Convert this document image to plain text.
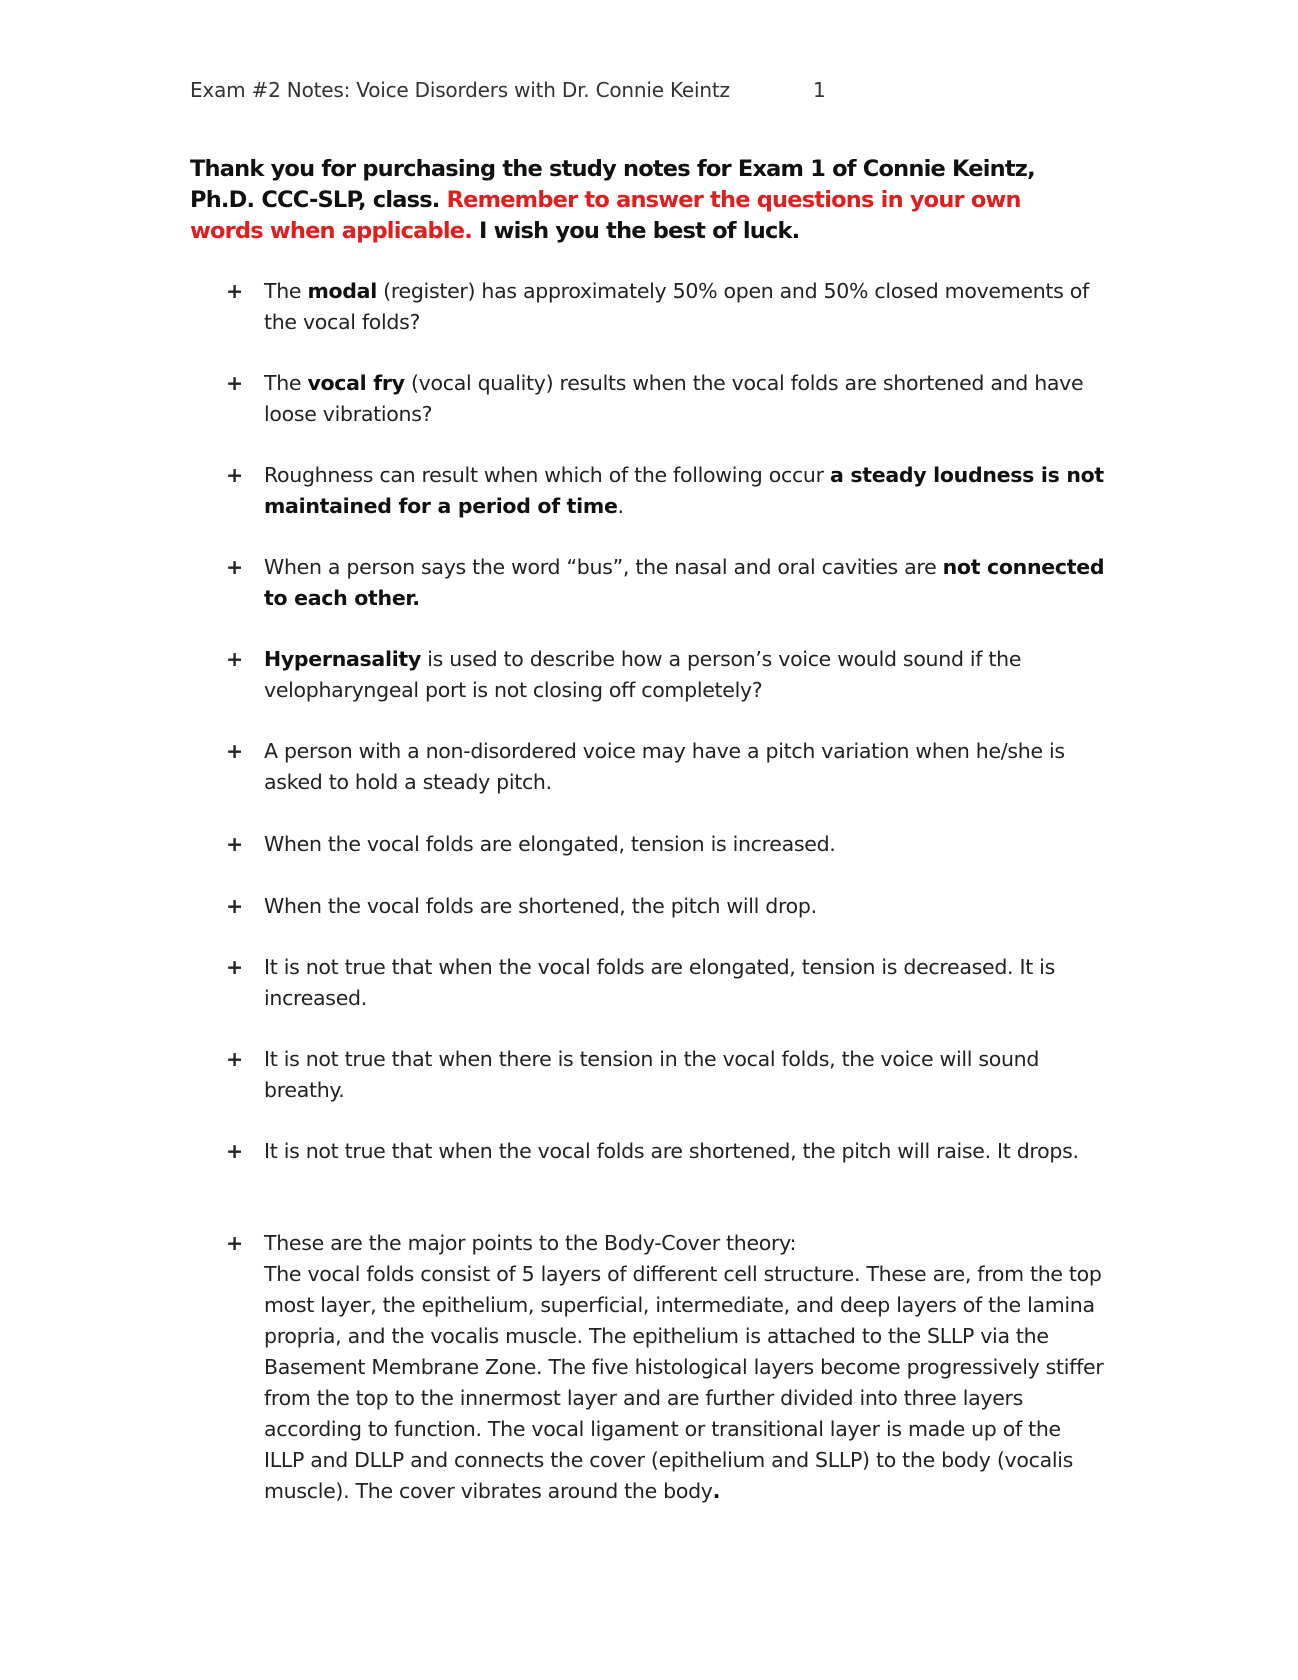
Exam #2 Notes: Voice Disorders with Dr. Connie Keintz	1
Thank you for purchasing the study notes for Exam 1 of Connie Keintz, Ph.D. CCC-SLP, class. Remember to answer the questions in your own words when applicable. I wish you the best of luck.
+ The modal (register) has approximately 50% open and 50% closed movements of the vocal folds?
+ The vocal fry (vocal quality) results when the vocal folds are shortened and have loose vibrations?
+ Roughness can result when which of the following occur a steady loudness is not maintained for a period of time.
+ When a person says the word “bus”, the nasal and oral cavities are not connected to each other.
+ Hypernasality is used to describe how a person’s voice would sound if the velopharyngeal port is not closing off completely?
+ A person with a non-disordered voice may have a pitch variation when he/she is asked to hold a steady pitch.
+ When the vocal folds are elongated, tension is increased.
+ When the vocal folds are shortened, the pitch will drop.
+ It is not true that when the vocal folds are elongated, tension is decreased. It is increased.
+ It is not true that when there is tension in the vocal folds, the voice will sound breathy.
+ It is not true that when the vocal folds are shortened, the pitch will raise. It drops.
+ These are the major points to the Body-Cover theory:
The vocal folds consist of 5 layers of different cell structure. These are, from the top most layer, the epithelium, superficial, intermediate, and deep layers of the lamina propria, and the vocalis muscle. The epithelium is attached to the SLLP via the Basement Membrane Zone. The five histological layers become progressively stiffer from the top to the innermost layer and are further divided into three layers according to function. The vocal ligament or transitional layer is made up of the ILLP and DLLP and connects the cover (epithelium and SLLP) to the body (vocalis muscle). The cover vibrates around the body.
